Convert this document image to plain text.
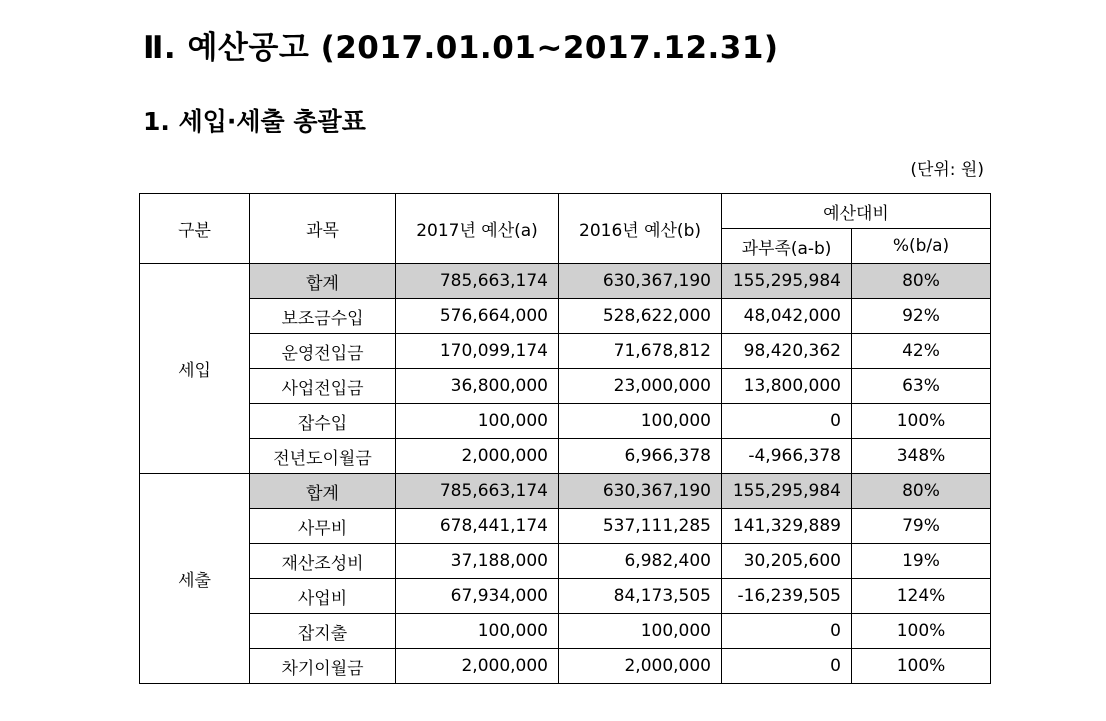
Ⅱ. 예산공고 (2017.01.01~2017.12.31)
1. 세입·세출 총괄표
(단위: 원)
구분	과목	2017년 예산(a)	2016년 예산(b)	예산대비	
				과부족(a-b)	%(b/a)
세입	합계	785,663,174	630,367,190	155,295,984	80%
	보조금수입	576,664,000	528,622,000	48,042,000	92%
	운영전입금	170,099,174	71,678,812	98,420,362	42%
	사업전입금	36,800,000	23,000,000	13,800,000	63%
	잡수입	100,000	100,000	0	100%
	전년도이월금	2,000,000	6,966,378	-4,966,378	348%
세출	합계	785,663,174	630,367,190	155,295,984	80%
	사무비	678,441,174	537,111,285	141,329,889	79%
	재산조성비	37,188,000	6,982,400	30,205,600	19%
	사업비	67,934,000	84,173,505	-16,239,505	124%
	잡지출	100,000	100,000	0	100%
	차기이월금	2,000,000	2,000,000	0	100%
